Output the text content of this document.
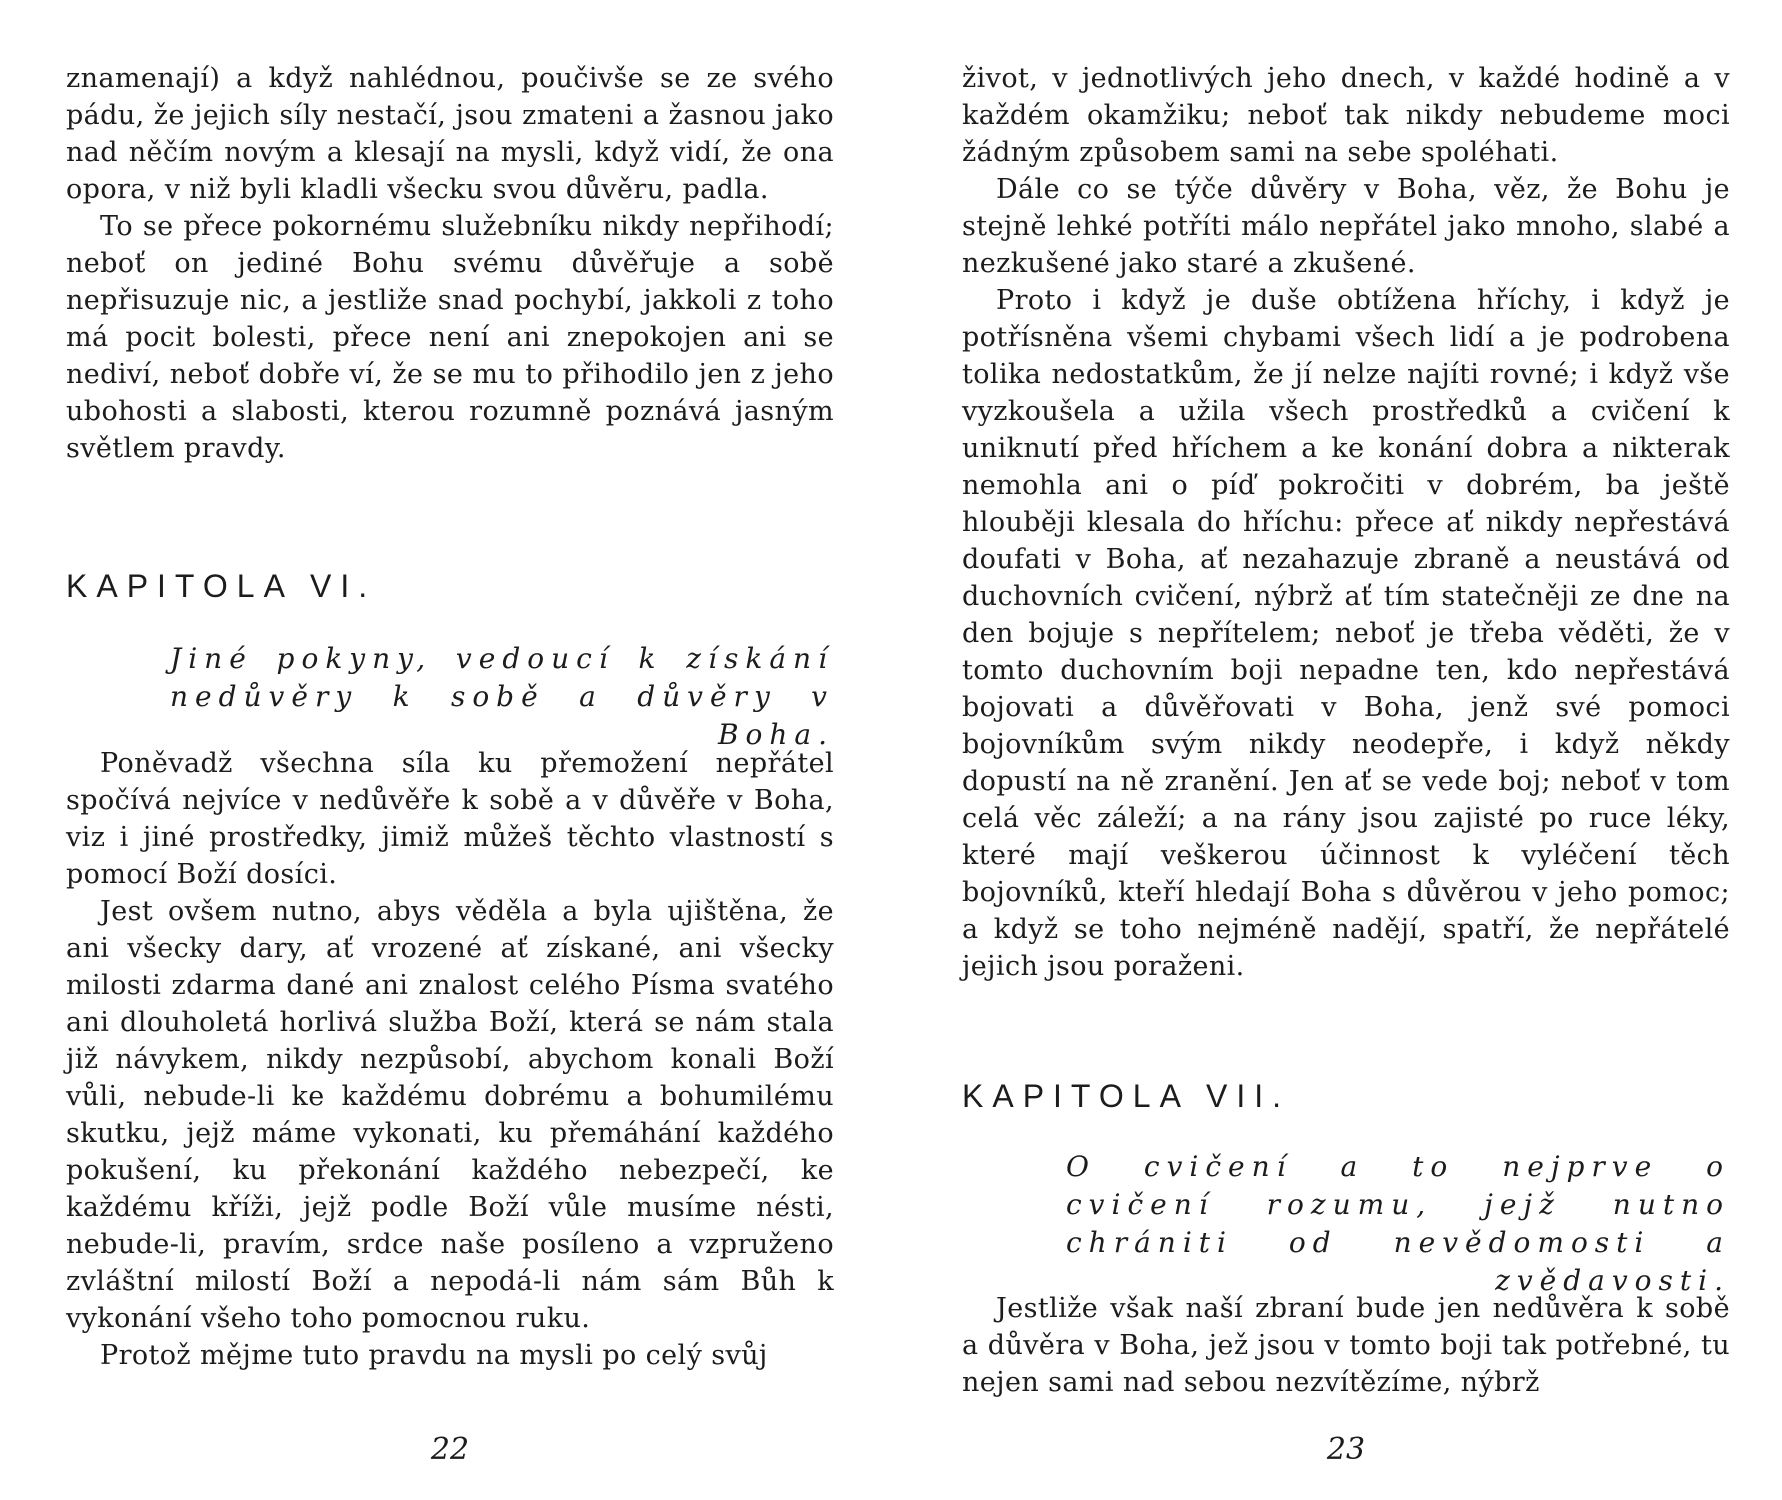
znamenají) a když nahlédnou, poučivše se ze svého pádu, že jejich síly nestačí, jsou zmateni a žasnou jako nad něčím novým a klesají na mysli, když vidí, že ona opora, v niž byli kladli všecku svou důvěru, padla.

To se přece pokornému služebníku nikdy nepřihodí; neboť on jediné Bohu svému důvěřuje a sobě nepřisuzuje nic, a jestliže snad pochybí, jakkoli z toho má pocit bolesti, přece není ani znepokojen ani se nediví, neboť dobře ví, že se mu to přihodilo jen z jeho ubohosti a slabosti, kterou rozumně poznává jasným světlem pravdy.

KAPITOLA VI.

Jiné pokyny, vedoucí k získání nedůvěry k sobě a důvěry v Boha.

Poněvadž všechna síla ku přemožení nepřátel spočívá nejvíce v nedůvěře k sobě a v důvěře v Boha, viz i jiné prostředky, jimiž můžeš těchto vlastností s pomocí Boží dosíci.

Jest ovšem nutno, abys věděla a byla ujištěna, že ani všecky dary, ať vrozené ať získané, ani všecky milosti zdarma dané ani znalost celého Písma svatého ani dlouholetá horlivá služba Boží, která se nám stala již návykem, nikdy nezpůsobí, abychom konali Boží vůli, nebude-li ke každému dobrému a bohumilému skutku, jejž máme vykonati, ku přemáhání každého pokušení, ku překonání každého nebezpečí, ke každému kříži, jejž podle Boží vůle musíme nésti, nebude-li, pravím, srdce naše posíleno a vzpruženo zvláštní milostí Boží a nepodá-li nám sám Bůh k vykonání všeho toho pomocnou ruku.

Protož mějme tuto pravdu na mysli po celý svůj

22

život, v jednotlivých jeho dnech, v každé hodině a v každém okamžiku; neboť tak nikdy nebudeme moci žádným způsobem sami na sebe spoléhati.

Dále co se týče důvěry v Boha, věz, že Bohu je stejně lehké potříti málo nepřátel jako mnoho, slabé a nezkušené jako staré a zkušené.

Proto i když je duše obtížena hříchy, i když je potřísněna všemi chybami všech lidí a je podrobena tolika nedostatkům, že jí nelze najíti rovné; i když vše vyzkoušela a užila všech prostředků a cvičení k uniknutí před hříchem a ke konání dobra a nikterak nemohla ani o píď pokročiti v dobrém, ba ještě hlouběji klesala do hříchu: přece ať nikdy nepřestává doufati v Boha, ať nezahazuje zbraně a neustává od duchovních cvičení, nýbrž ať tím statečněji ze dne na den bojuje s nepřítelem; neboť je třeba věděti, že v tomto duchovním boji nepadne ten, kdo nepřestává bojovati a důvěřovati v Boha, jenž své pomoci bojovníkům svým nikdy neodepře, i když někdy dopustí na ně zranění. Jen ať se vede boj; neboť v tom celá věc záleží; a na rány jsou zajisté po ruce léky, které mají veškerou účinnost k vyléčení těch bojovníků, kteří hledají Boha s důvěrou v jeho pomoc; a když se toho nejméně nadějí, spatří, že nepřátelé jejich jsou poraženi.

KAPITOLA VII.

O cvičení a to nejprve o cvičení rozumu, jejž nutno chrániti od nevědomosti a zvědavosti.

Jestliže však naší zbraní bude jen nedůvěra k sobě a důvěra v Boha, jež jsou v tomto boji tak potřebné, tu nejen sami nad sebou nezvítězíme, nýbrž

23
